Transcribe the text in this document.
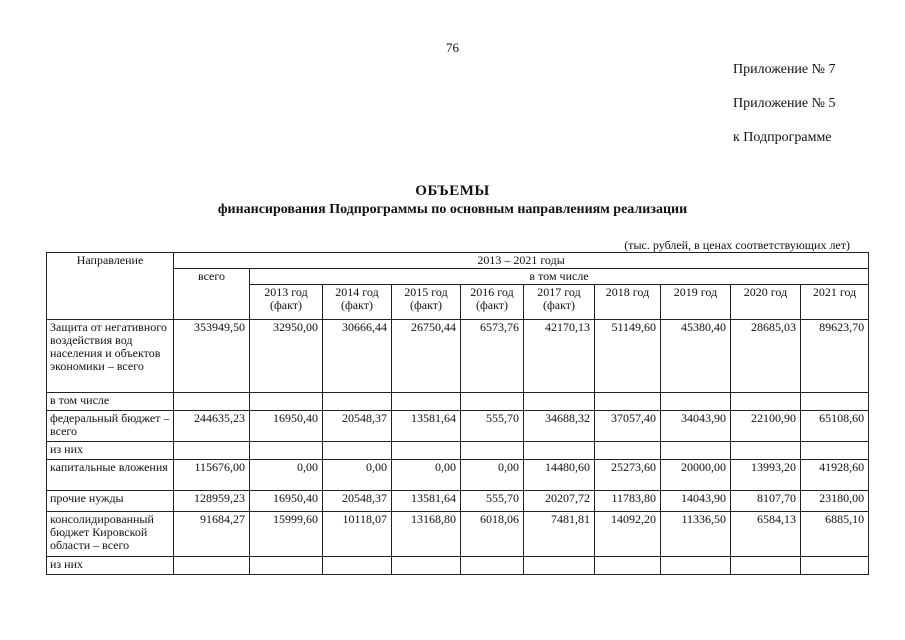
76
Приложение № 7
Приложение № 5
к Подпрограмме
ОБЪЕМЫ
финансирования Подпрограммы по основным направлениям реализации
(тыс. рублей, в ценах соответствующих лет)
Направление	2013 – 2021 годы									
	всего	в том числе								
		2013 год (факт)	2014 год (факт)	2015 год (факт)	2016 год (факт)	2017 год (факт)	2018 год	2019 год	2020 год	2021 год
Защита от негативного воздействия вод населения и объектов экономики – всего	353949,50	32950,00	30666,44	26750,44	6573,76	42170,13	51149,60	45380,40	28685,03	89623,70
в том числе										
федеральный бюджет – всего	244635,23	16950,40	20548,37	13581,64	555,70	34688,32	37057,40	34043,90	22100,90	65108,60
из них										
капитальные вложения	115676,00	0,00	0,00	0,00	0,00	14480,60	25273,60	20000,00	13993,20	41928,60
прочие нужды	128959,23	16950,40	20548,37	13581,64	555,70	20207,72	11783,80	14043,90	8107,70	23180,00
консолидированный бюджет Кировской области – всего	91684,27	15999,60	10118,07	13168,80	6018,06	7481,81	14092,20	11336,50	6584,13	6885,10
из них										
